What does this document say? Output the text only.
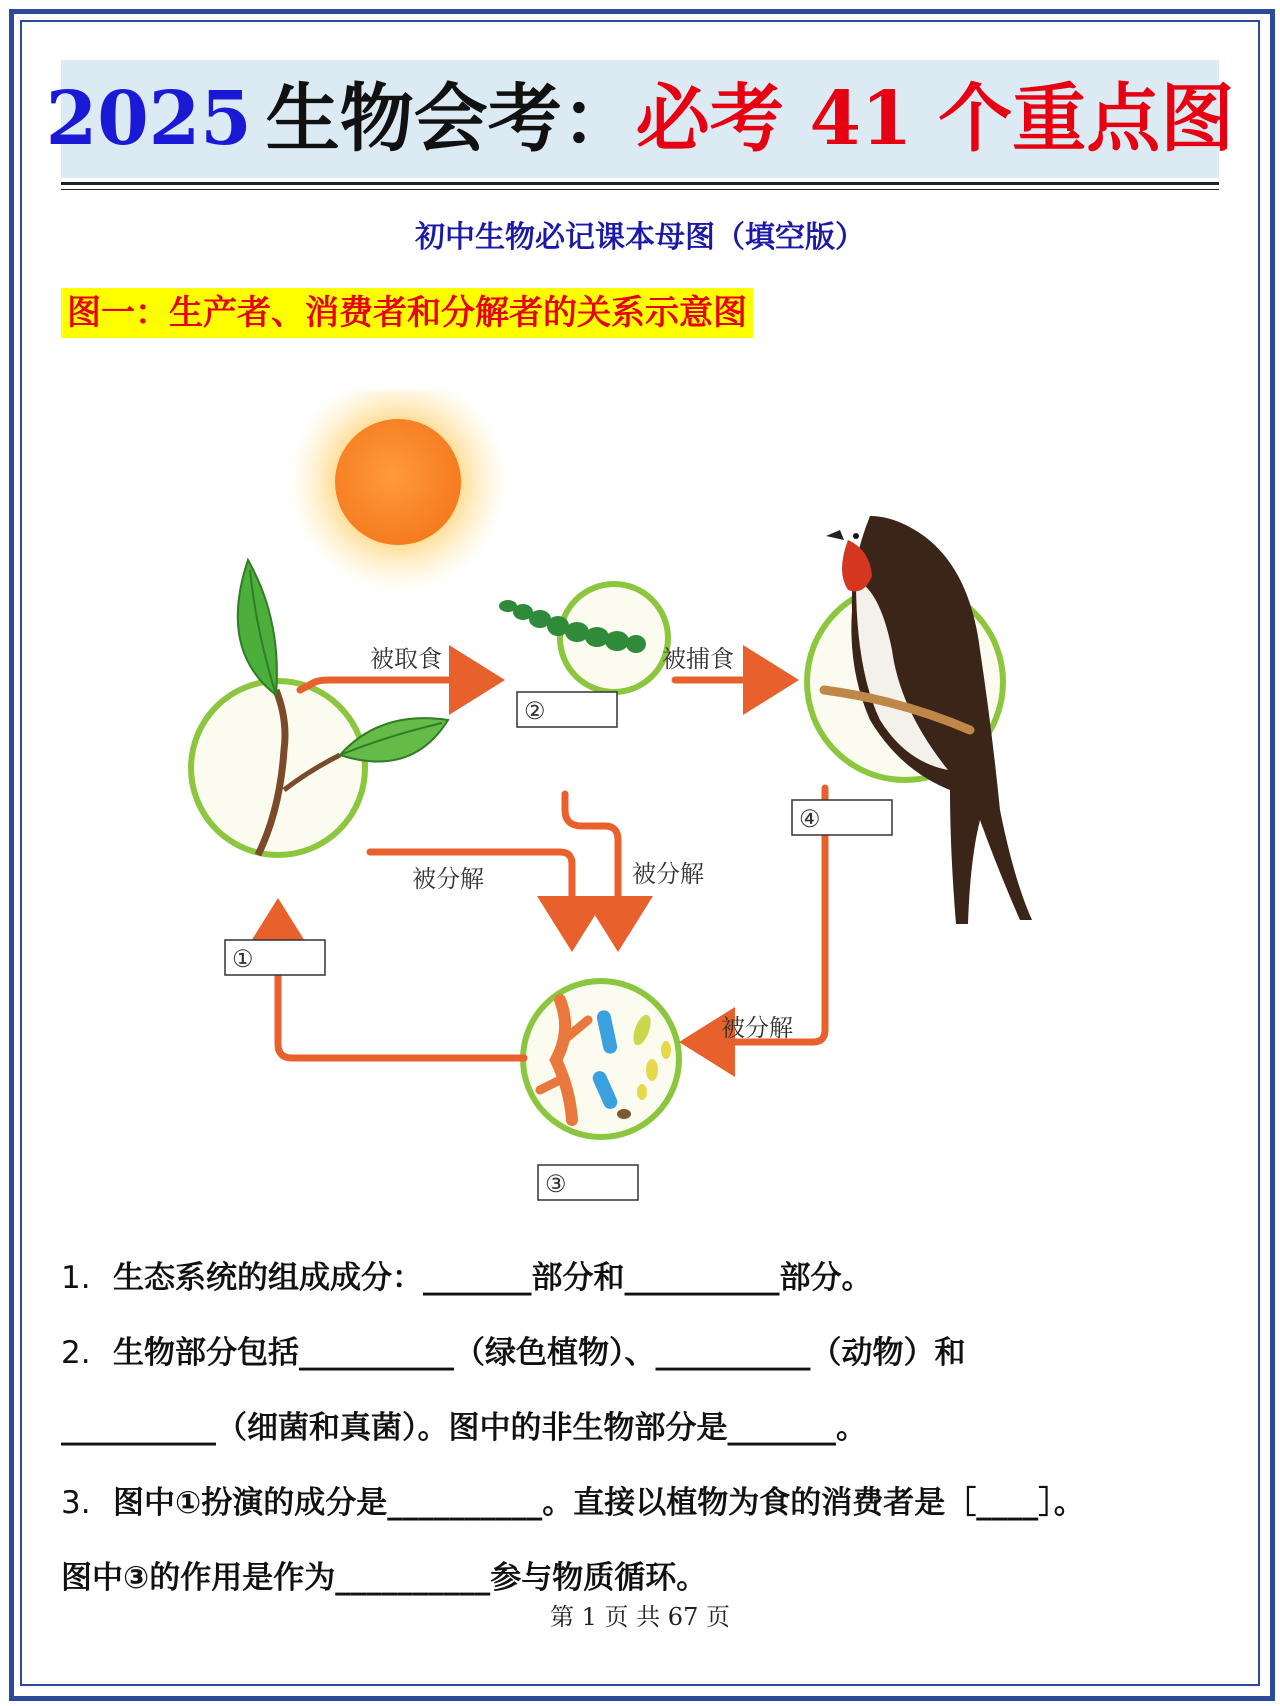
2025 生物会考： 必考 41 个重点图
初中生物必记课本母图（填空版）
图一：生产者、消费者和分解者的关系示意图
被取食	被捕食
被分解	被分解
被分解
①
②
③
④
1. 生态系统的组成成分：_______部分和__________部分。
2. 生物部分包括__________（绿色植物）、__________（动物）和
__________（细菌和真菌）。图中的非生物部分是_______。
3. 图中①扮演的成分是__________。直接以植物为食的消费者是［____］。
图中③的作用是作为__________参与物质循环。
第 1 页 共 67 页
